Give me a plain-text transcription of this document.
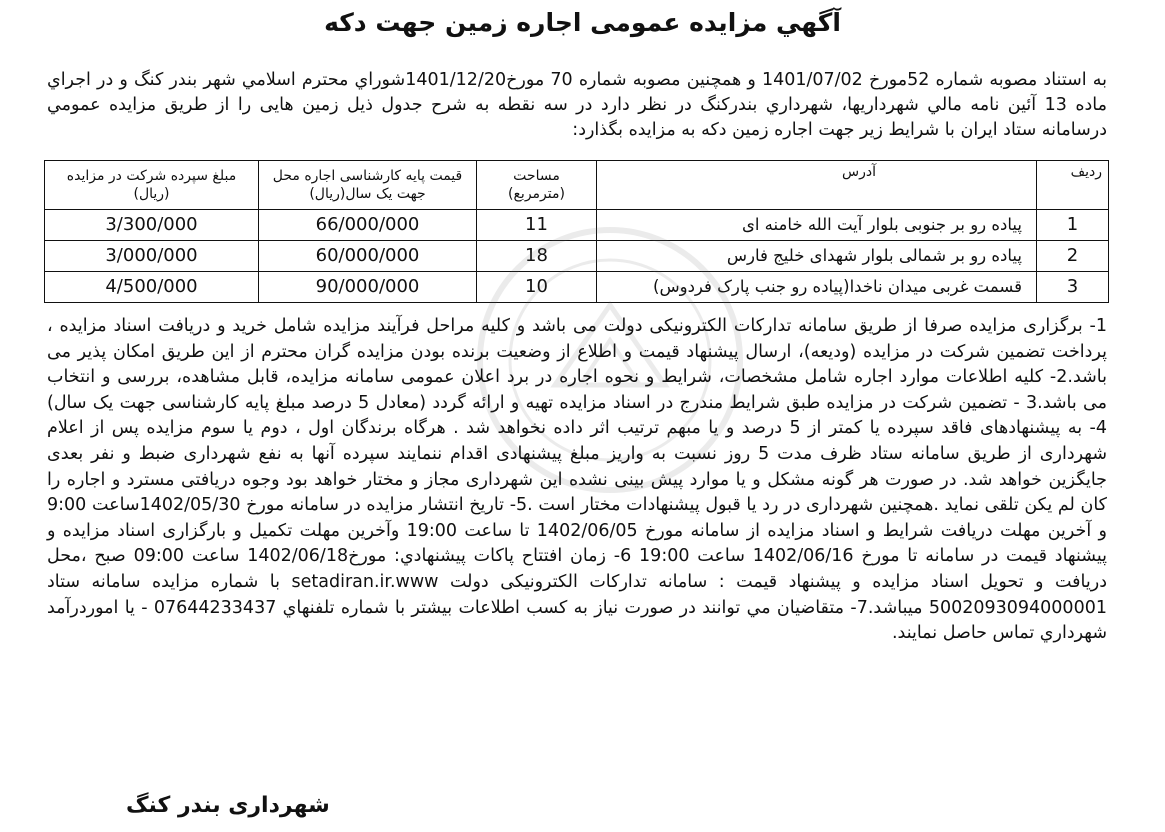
آگهي مزايده عمومی اجاره زمین جهت دکه
به استناد مصوبه شماره 52مورخ 1401/07/02 و همچنین مصوبه شماره 70 مورخ1401/12/20شوراي محترم اسلامي شهر بندر کنگ و در اجراي ماده 13 آئين نامه مالي شهرداريها، شهرداري بندرکنگ در نظر دارد در سه نقطه به شرح جدول ذیل زمین هایی را از طریق مزايده عمومي درسامانه ستاد ایران با شرایط زیر جهت اجاره زمین دکه به مزایده بگذارد:
ردیف	آدرس	مساحت (مترمربع)	قیمت پایه کارشناسی اجاره محل جهت یک سال(ریال)	مبلغ سپرده شرکت در مزایده (ریال)
1	پیاده رو بر جنوبی بلوار آیت الله خامنه ای	11	66/000/000	3/300/000
2	پیاده رو بر شمالی بلوار شهدای خلیج فارس	18	60/000/000	3/000/000
3	قسمت غربی میدان ناخدا(پیاده رو جنب پارک فردوس)	10	90/000/000	4/500/000
1- برگزاری مزایده صرفا از طریق سامانه تدارکات الکترونیکی دولت می باشد و کلیه مراحل فرآیند مزایده شامل خرید و دریافت اسناد مزایده ، پرداخت تضمین شرکت در مزایده (ودیعه)، ارسال پیشنهاد قیمت و اطلاع از وضعیت برنده بودن مزایده گران محترم از این طریق امکان پذیر می باشد.2- کلیه اطلاعات موارد اجاره شامل مشخصات، شرایط و نحوه اجاره در برد اعلان عمومی سامانه مزایده، قابل مشاهده، بررسی و انتخاب می باشد.3 - تضمین شرکت در مزایده طبق شرایط مندرج در اسناد مزایده تهیه و ارائه گردد (معادل 5 درصد مبلغ پایه کارشناسی جهت یک سال) 4- به پیشنهادهای فاقد سپرده یا کمتر از 5 درصد و یا مبهم ترتیب اثر داده نخواهد شد . هرگاه برندگان اول ، دوم یا سوم مزایده پس از اعلام شهرداری از طریق سامانه ستاد ظرف مدت 5 روز نسبت به واریز مبلغ پیشنهادی اقدام ننمایند سپرده آنها به نفع شهرداری ضبط و نفر بعدی جایگزین خواهد شد. در صورت هر گونه مشکل و یا موارد پیش بینی نشده این شهرداری مجاز و مختار خواهد بود وجوه دریافتی مسترد و اجاره را کان لم یکن تلقی نماید .همچنین شهرداری در رد یا قبول پیشنهادات مختار است .5- تاریخ انتشار مزایده در سامانه مورخ 1402/05/30ساعت 9:00 و آخرین مهلت دریافت شرایط و اسناد مزایده از سامانه مورخ 1402/06/05 تا ساعت 19:00 وآخرین مهلت تکمیل و بارگزاری اسناد مزایده و پیشنهاد قیمت در سامانه تا مورخ 1402/06/16 ساعت 19:00 6- زمان افتتاح پاکات پیشنهادي: مورخ1402/06/18 ساعت 09:00 صبح ،محل دریافت و تحویل اسناد مزایده و پیشنهاد قیمت : سامانه تدارکات الکترونیکی دولت setadiran.ir.www با شماره مزایده سامانه ستاد 5002093094000001 میباشد.7- متقاضيان مي توانند در صورت نیاز به کسب اطلاعات بیشتر با شماره تلفنهاي 07644233437 - یا امورد‌رآمد شهرداري تماس حاصل نمايند.
شهرداری بندر کنگ
